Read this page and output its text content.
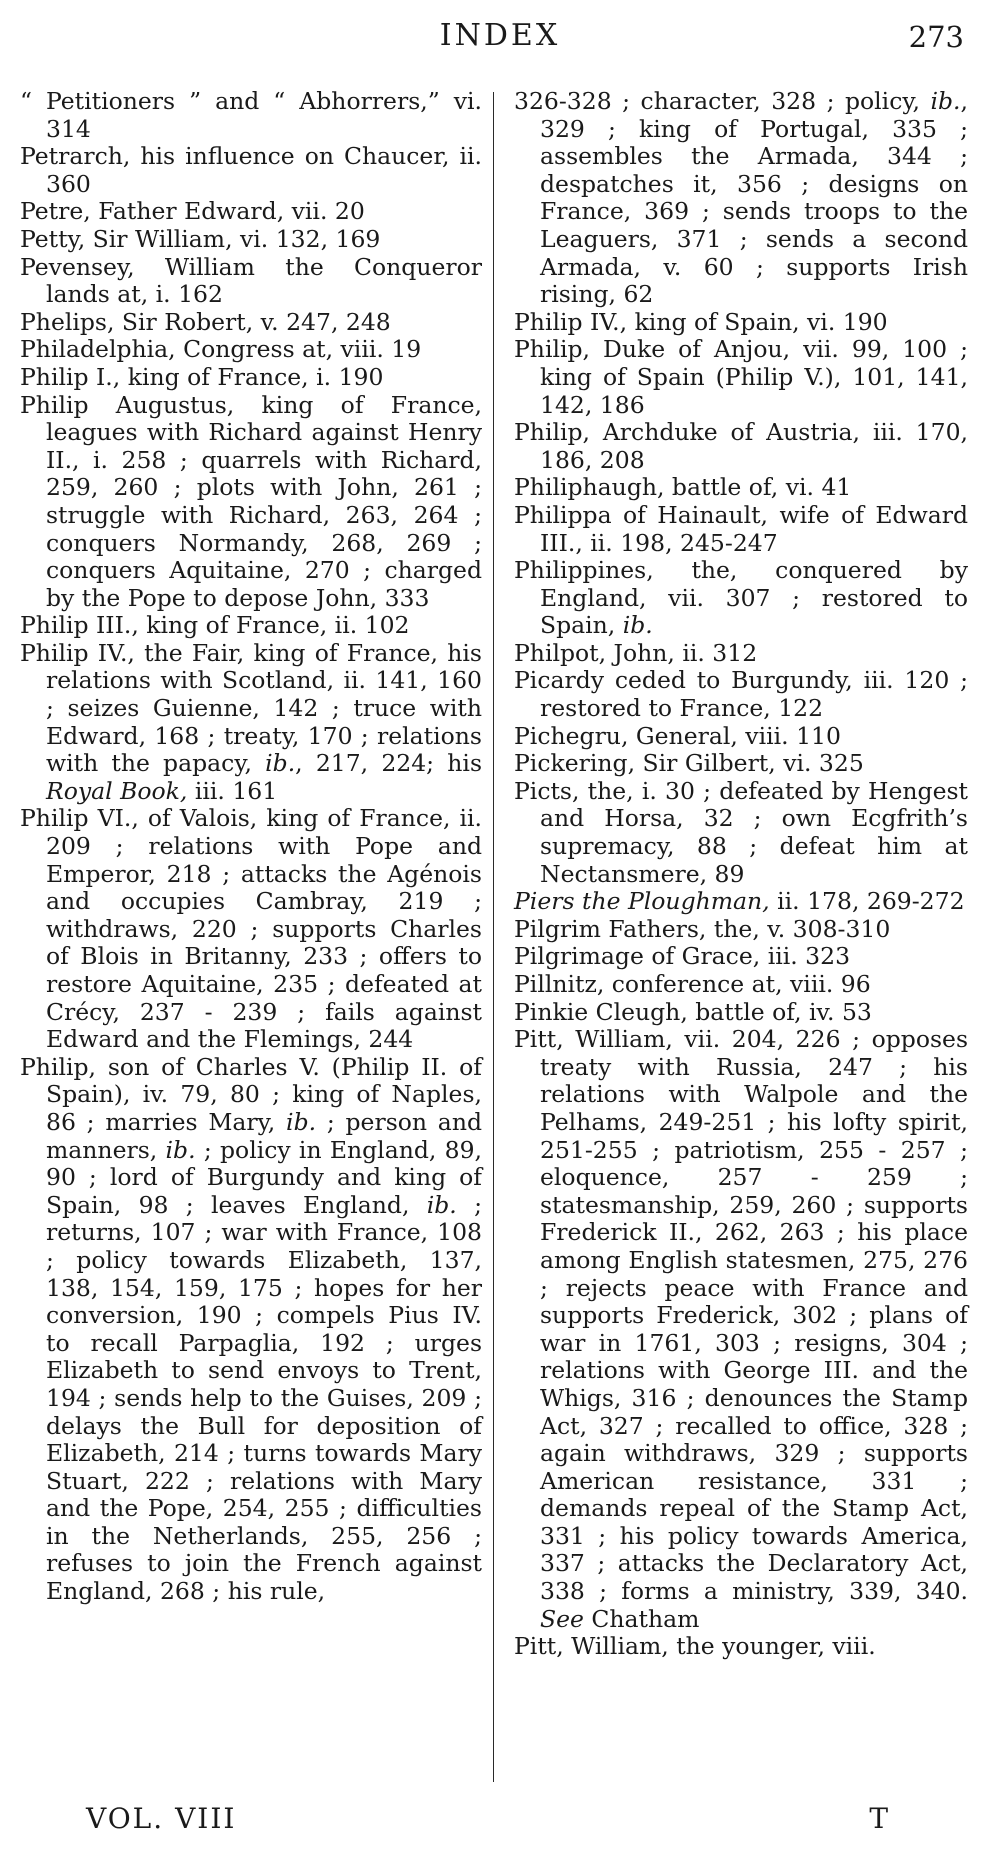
INDEX	273

“ Petitioners ” and “ Abhorrers,” vi. 314

Petrarch, his influence on Chaucer, ii. 360

Petre, Father Edward, vii. 20

Petty, Sir William, vi. 132, 169

Pevensey, William the Conqueror lands at, i. 162

Phelips, Sir Robert, v. 247, 248

Philadelphia, Congress at, viii. 19

Philip I., king of France, i. 190

Philip Augustus, king of France, leagues with Richard against Henry II., i. 258 ; quarrels with Richard, 259, 260 ; plots with John, 261 ; struggle with Richard, 263, 264 ; conquers Normandy, 268, 269 ; conquers Aquitaine, 270 ; charged by the Pope to depose John, 333

Philip III., king of France, ii. 102

Philip IV., the Fair, king of France, his relations with Scotland, ii. 141, 160 ; seizes Guienne, 142 ; truce with Edward, 168 ; treaty, 170 ; relations with the papacy, ib., 217, 224; his Royal Book, iii. 161

Philip VI., of Valois, king of France, ii. 209 ; relations with Pope and Emperor, 218 ; attacks the Agénois and occupies Cambray, 219 ; withdraws, 220 ; supports Charles of Blois in Britanny, 233 ; offers to restore Aquitaine, 235 ; defeated at Crécy, 237 - 239 ; fails against Edward and the Flemings, 244

Philip, son of Charles V. (Philip II. of Spain), iv. 79, 80 ; king of Naples, 86 ; marries Mary, ib. ; person and manners, ib. ; policy in England, 89, 90 ; lord of Burgundy and king of Spain, 98 ; leaves England, ib. ; returns, 107 ; war with France, 108 ; policy towards Elizabeth, 137, 138, 154, 159, 175 ; hopes for her conversion, 190 ; compels Pius IV. to recall Parpaglia, 192 ; urges Elizabeth to send envoys to Trent, 194 ; sends help to the Guises, 209 ; delays the Bull for deposition of Elizabeth, 214 ; turns towards Mary Stuart, 222 ; relations with Mary and the Pope, 254, 255 ; difficulties in the Netherlands, 255, 256 ; refuses to join the French against England, 268 ; his rule,

326-328 ; character, 328 ; policy, ib., 329 ; king of Portugal, 335 ; assembles the Armada, 344 ; despatches it, 356 ; designs on France, 369 ; sends troops to the Leaguers, 371 ; sends a second Armada, v. 60 ; supports Irish rising, 62

Philip IV., king of Spain, vi. 190

Philip, Duke of Anjou, vii. 99, 100 ; king of Spain (Philip V.), 101, 141, 142, 186

Philip, Archduke of Austria, iii. 170, 186, 208

Philiphaugh, battle of, vi. 41

Philippa of Hainault, wife of Edward III., ii. 198, 245-247

Philippines, the, conquered by England, vii. 307 ; restored to Spain, ib.

Philpot, John, ii. 312

Picardy ceded to Burgundy, iii. 120 ; restored to France, 122

Pichegru, General, viii. 110

Pickering, Sir Gilbert, vi. 325

Picts, the, i. 30 ; defeated by Hengest and Horsa, 32 ; own Ecgfrith’s supremacy, 88 ; defeat him at Nectansmere, 89

Piers the Ploughman, ii. 178, 269-272

Pilgrim Fathers, the, v. 308-310

Pilgrimage of Grace, iii. 323

Pillnitz, conference at, viii. 96

Pinkie Cleugh, battle of, iv. 53

Pitt, William, vii. 204, 226 ; opposes treaty with Russia, 247 ; his relations with Walpole and the Pelhams, 249-251 ; his lofty spirit, 251-255 ; patriotism, 255 - 257 ; eloquence, 257 - 259 ; statesmanship, 259, 260 ; supports Frederick II., 262, 263 ; his place among English statesmen, 275, 276 ; rejects peace with France and supports Frederick, 302 ; plans of war in 1761, 303 ; resigns, 304 ; relations with George III. and the Whigs, 316 ; denounces the Stamp Act, 327 ; recalled to office, 328 ; again withdraws, 329 ; supports American resistance, 331 ; demands repeal of the Stamp Act, 331 ; his policy towards America, 337 ; attacks the Declaratory Act, 338 ; forms a ministry, 339, 340. See Chatham

Pitt, William, the younger, viii.

VOL. VIII	T
